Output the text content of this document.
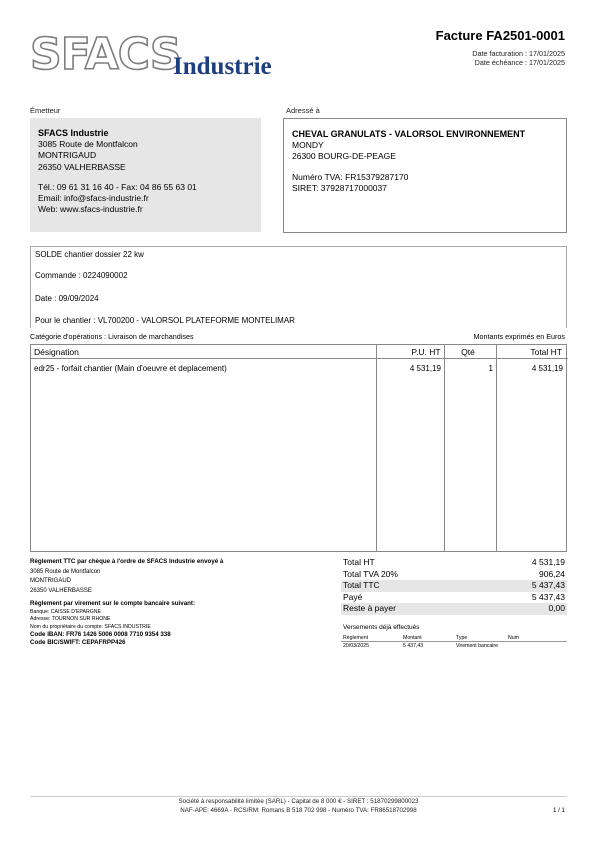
SFACS
Industrie
Facture FA2501-0001
Date facturation : 17/01/2025
Date échéance : 17/01/2025
Émetteur	Adressé à
SFACS Industrie
3085 Route de Montfalcon
MONTRIGAUD
26350 VALHERBASSE
Tél.: 09 61 31 16 40 - Fax: 04 86 55 63 01
Email: info@sfacs-industrie.fr
Web: www.sfacs-industrie.fr
CHEVAL GRANULATS - VALORSOL ENVIRONNEMENT
MONDY
26300 BOURG-DE-PEAGE
Numéro TVA: FR15379287170
SIRET: 37928717000037
SOLDE chantier dossier 22 kw
Commande : 0224090002
Date : 09/09/2024
Pour le chantier : VL700200 - VALORSOL PLATEFORME MONTELIMAR
Catégorie d'opérations : Livraison de marchandises	Montants exprimés en Euros
Désignation	P.U. HT	Qté	Total HT
edr25 - forfait chantier (Main d'oeuvre et deplacement)	4 531,19	1	4 531,19
Règlement TTC par chèque à l'ordre de SFACS Industrie envoyé à
3085 Route de Montfalcon
MONTRIGAUD
26350 VALHERBASSE
Règlement par virement sur le compte bancaire suivant:
Banque: CAISSE D'EPARGNE
Adresse: TOURNON SUR RHONE
Nom du propriétaire du compte: SFACS INDUSTRIE
Code IBAN: FR76 1426 5006 0008 7710 9354 338
Code BIC/SWIFT: CEPAFRPP426
Total HT	4 531,19
Total TVA 20%	906,24
Total TTC	5 437,43
Payé	5 437,43
Reste à payer	0,00
Versements déjà effectués
Règlement	Montant	Type	Num
20/03/2025	5 437,43	Virement bancaire
Société à responsabilité limitée (SARL) - Capital de 8 000 € - SIRET : 51870299800023
NAF-APE: 4669A - RCS/RM: Romans B 518 702 998 - Numéro TVA: FR86518702998	1 / 1
